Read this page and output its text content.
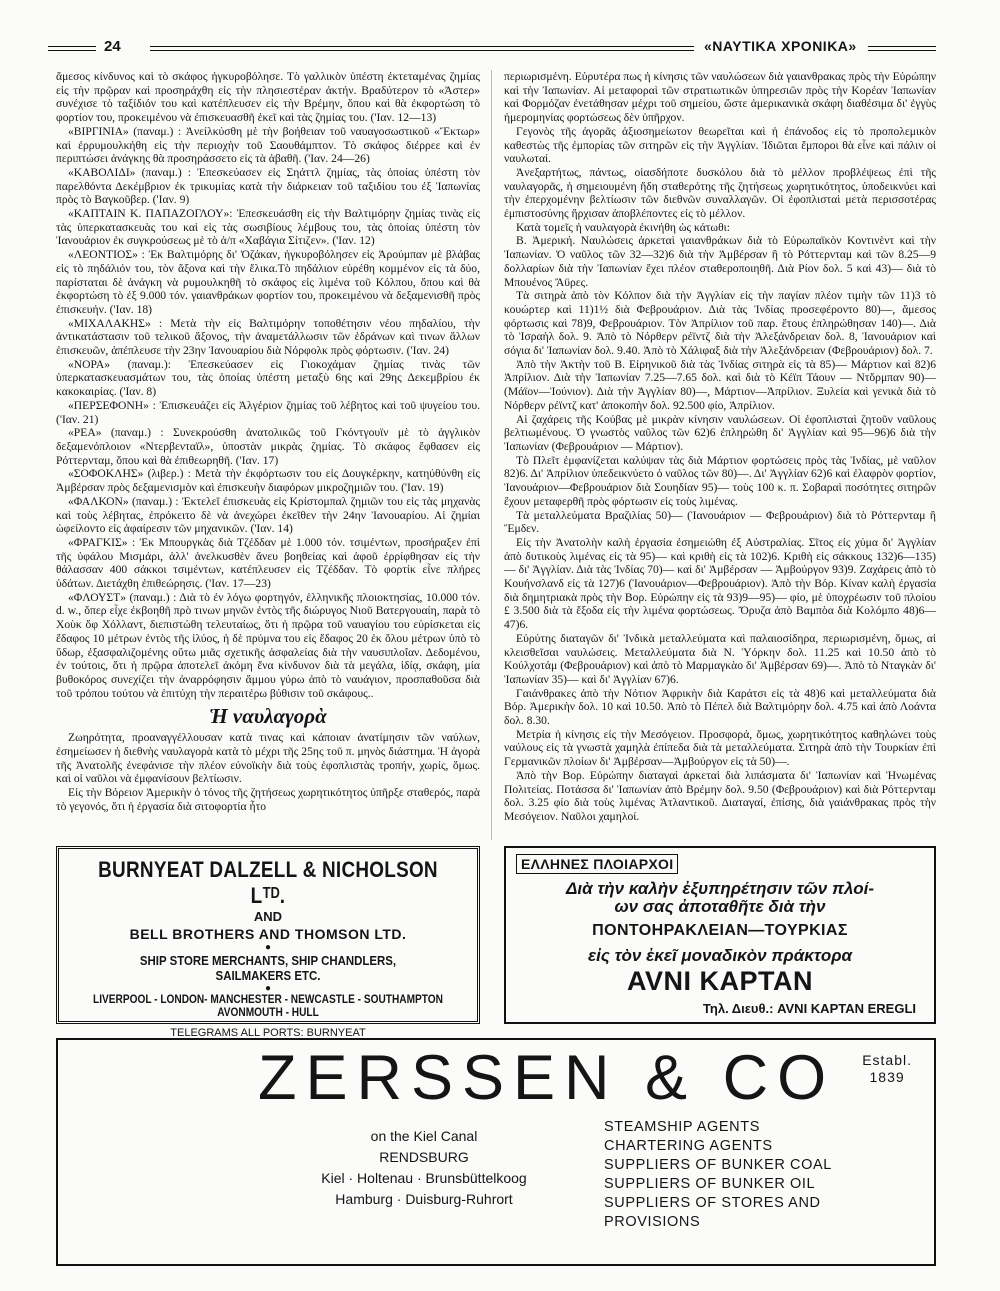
24	«ΝΑΥΤΙΚΑ ΧΡΟΝΙΚΑ»

ἄμεσος κίνδυνος καὶ τὸ σκάφος ἠγκυροβόλησε. Τὸ γαλλικὸν ὑπέστη ἐκτεταμένας ζημίας εἰς τὴν πρῷραν καὶ προσηράχθη εἰς τὴν πλησιεστέραν ἀκτήν. Βραδύτερον τὸ «Ἀστερ» συνέχισε τὸ ταξίδιόν του καὶ κατέπλευσεν εἰς τὴν Βρέμην, ὅπου καὶ θὰ ἐκφορτώση τὸ φορτίον του, προκειμένου νὰ ἐπισκευασθῆ ἐκεῖ καὶ τὰς ζημίας του. ('Ιαν. 12—13)

«ΒΙΡΓΙΝΙΑ» (παναμ.) : Ἀνείλκύσθη μὲ τὴν βοήθειαν τοῦ ναυαγοσωστικοῦ «Ἔκτωρ» καὶ ἐρρυμουλκήθη εἰς τὴν περιοχὴν τοῦ Σαουθάμπτον. Τὸ σκάφος διέρρεε καὶ ἐν περιπτώσει ἀνάγκης θὰ προσηράσσετο εἰς τὰ ἀβαθῆ. ('Ιαν. 24—26)

«ΚΑΒΟΛΙΔΙ» (παναμ.) : Ἐπεσκεύασεν εἰς Σηάττλ ζημίας, τὰς ὁποίας ὑπέστη τὸν παρελθόντα Δεκέμβριον ἐκ τρικυμίας κατὰ τὴν διάρκειαν τοῦ ταξιδίου του ἐξ Ἰαπωνίας πρὸς τὸ Βαγκοῦβερ. ('Ιαν. 9)

«ΚΑΠΤΑΙΝ Κ. ΠΑΠΑΖΟΓΛΟΥ»: Ἐπεσκευάσθη εἰς τὴν Βαλτιμόρην ζημίας τινὰς εἰς τὰς ὑπερκατασκευὰς του καὶ εἰς τὰς σωσιβίους λέμβους του, τὰς ὁποίας ὑπέστη τὸν Ἰανουάριον ἐκ συγκρούσεως μὲ τὸ ἀ/π «Χαβάγια Σίτιζεν». ('Ιαν. 12)

«ΛΕΟΝΤΙΟΣ» : Ἐκ Βαλτιμόρης δι' Ὀζάκαν, ἠγκυροβόλησεν εἰς Ἀρούμπαν μὲ βλάβας εἰς τὸ πηδάλιόν του, τὸν ἄξονα καὶ τὴν ἕλικα.Τὸ πηδάλιον εὑρέθη κομμένον εἰς τὰ δύο, παρίσταται δὲ ἀνάγκη νὰ ρυμουλκηθῆ τὸ σκάφος εἰς λιμένα τοῦ Κόλπου, ὅπου καὶ θὰ ἐκφορτώση τὸ ἐξ 9.000 τόν. γαιανθράκων φορτίον του, προκειμένου νὰ δεξαμενισθῆ πρὸς ἐπισκευήν. ('Ιαν. 18)

«ΜΙΧΑΛΑΚΗΣ» : Μετὰ τὴν εἰς Βαλτιμόρην τοποθέτησιν νέου πηδαλίου, τὴν ἀντικατάστασιν τοῦ τελικοῦ ἄξονος, τὴν ἀναμετάλλωσιν τῶν ἑδράνων καὶ τινων ἄλλων ἐπισκευῶν, ἀπέπλευσε τὴν 23ην Ἰανουαρίου διὰ Νόρφολκ πρὸς φόρτωσιν. ('Ιαν. 24)

«ΝΟΡΑ» (παναμ.): Ἐπεσκεύασεν εἰς Γιοκοχάμαν ζημίας τινὰς τῶν ὑπερκατασκευασμάτων του, τὰς ὁποίας ὑπέστη μεταξὺ 6ης καὶ 29ης Δεκεμβρίου ἐκ κακοκαιρίας. ('Ιαν. 8)

«ΠΕΡΣΕΦΟΝΗ» : Ἐπισκευάζει εἰς Ἀλγέριον ζημίας τοῦ λέβητος καὶ τοῦ ψυγείου του. ('Ιαν. 21)

«ΡΕΑ» (παναμ.) : Συνεκρούσθη ἀνατολικῶς τοῦ Γκόντγουϊν μὲ τὸ ἀγγλικὸν δεξαμενόπλοιον «Ντερβενταϊλ», ὑποστὰν μικρὰς ζημίας. Τὸ σκάφος ἔφθασεν εἰς Ρόττερνταμ, ὅπου καὶ θὰ ἐπιθεωρηθῆ. ('Ιαν. 17)

«ΣΟΦΟΚΛΗΣ» (λιβερ.) : Μετὰ τὴν ἐκφόρτωσιν του εἰς Δουγκέρκην, κατηύθύνθη εἰς Ἀμβέρσαν πρὸς δεξαμενισμὸν καὶ ἐπισκευὴν διαφόρων μικροζημιῶν του. ('Ιαν. 19)

«ΦΑΛΚΟΝ» (παναμ.) : Ἐκτελεῖ ἐπισκευὰς εἰς Κρίστομπαλ ζημιῶν του εἰς τὰς μηχανὰς καὶ τοὺς λέβητας, ἐπρόκειτο δὲ νὰ ἀνεχώρει ἐκεῖθεν τὴν 24ην Ἰανουαρίου. Αἱ ζημίαι ὠφείλοντο εἰς ἀφαίρεσιν τῶν μηχανικῶν. ('Ιαν. 14)

«ΦΡΑΓΚΙΣ» : Ἐκ Μπουργκὰς διὰ Τζέδδαν μὲ 1.000 τόν. τσιμέντων, προσήραξεν ἐπὶ τῆς ὑφάλου Μισμάρι, ἀλλ' ἀνελκυσθὲν ἄνευ βοηθείας καὶ ἀφοῦ ἐρρίφθησαν εἰς τὴν θάλασσαν 400 σάκκοι τσιμέντων, κατέπλευσεν εἰς Τζέδδαν. Τὸ φορτίκ εἶνε πλήρες ὑδάτων. Διετάχθη ἐπιθεώρησις. ('Ιαν. 17—23)

«ΦΛΟΥΣΤ» (παναμ.) : Διὰ τὸ ἐν λόγω φορτηγόν, ἑλληνικῆς πλοιοκτησίας, 10.000 τόν. d. w., ὅπερ εἶχε ἐκβοηθῆ πρὸ τινων μηνῶν ἐντὸς τῆς διώρυγος Νιοῦ Βατεργουαίη, παρὰ τὸ Χοὺκ ὄφ Χόλλαντ, διεπιστώθη τελευταίως, ὅτι ἡ πρῷρα τοῦ ναυαγίου του εὑρίσκεται εἰς ἔδαφος 10 μέτρων ἐντὸς τῆς ἰλύος, ἡ δὲ πρύμνα του εἰς ἔδαφος 20 ἐκ ὄλου μέτρων ὑπὸ τὸ ὕδωρ, ἐξασφαλιζομένης οὕτω μιᾶς σχετικῆς ἀσφαλείας διὰ τὴν ναυσιπλοΐαν. Δεδομένου, ἐν τούτοις, ὅτι ἡ πρῷρα ἀποτελεῖ ἀκόμη ἕνα κίνδυνον διὰ τὰ μεγάλα, ἰδίᾳ, σκάφη, μία βυθοκόρος συνεχίζει τὴν ἀναρρόφησιν ἄμμου γύρω ἀπὸ τὸ ναυάγιον, προσπαθοῦσα διὰ τοῦ τρόπου τούτου νὰ ἐπιτύχη τὴν περαιτέρω βύθισιν τοῦ σκάφους..

Ἡ ναυλαγορὰ

Ζωηρότητα, προαναγγέλλουσαν κατὰ τινας καὶ κάποιαν ἀνατίμησιν τῶν ναύλων, ἐσημείωσεν ἡ διεθνὴς ναυλαγορὰ κατὰ τὸ μέχρι τῆς 25ης τοῦ π. μηνὸς διάστημα. Ἡ ἀγορὰ τῆς Ἀνατολῆς ἐνεφάνισε τὴν πλέον εὐνοϊκὴν διὰ τοὺς ἐφοπλιστὰς τροπήν, χωρίς, ὅμως. καὶ οἱ ναῦλοι νὰ ἐμφανίσουν βελτίωσιν.

Εἰς τὴν Βόρειον Ἀμερικὴν ὁ τόνος τῆς ζητήσεως χωρητικότητος ὑπῆρξε σταθερός, παρὰ τὸ γεγονός, ὅτι ἡ ἐργασία διὰ σιτοφορτία ἦτο

περιωρισμένη. Εὐρυτέρα πως ἡ κίνησις τῶν ναυλώσεων διὰ γαιανθρακας πρὸς τὴν Εὐρώπην καὶ τὴν Ἰαπωνίαν. Αἱ μεταφοραὶ τῶν στρατιωτικῶν ὑπηρεσιῶν πρὸς τὴν Κορέαν Ἰαπωνίαν καὶ Φορμόζαν ἐνετάθησαν μέχρι τοῦ σημείου, ὥστε ἀμερικανικὰ σκάφη διαθέσιμα δι' ἐγγὺς ἡμερομηνίας φορτώσεως δὲν ὑπῆρχον.

Γεγονὸς τῆς ἀγορᾶς ἀξιοσημείωτον θεωρεῖται καὶ ἡ ἐπάνοδος εἰς τὸ προπολεμικὸν καθεστὼς τῆς ἐμπορίας τῶν σιτηρῶν εἰς τὴν Ἀγγλίαν. Ἰδιῶται ἔμποροι θὰ εἶνε καὶ πάλιν οἱ ναυλωταί.

Ἀνεξαρτήτως, πάντως, οἱασδήποτε δυσκόλου διὰ τὸ μέλλον προβλέψεως ἐπὶ τῆς ναυλαγορᾶς, ἡ σημειουμένη ἤδη σταθερότης τῆς ζητήσεως χωρητικότητος, ὑποδεικνύει καὶ τὴν ἐπερχομένην βελτίωσιν τῶν διεθνῶν συναλλαγῶν. Οἱ ἐφοπλισταὶ μετὰ περισσοτέρας ἐμπιστοσύνης ἤρχισαν ἀποβλέποντες εἰς τὸ μέλλον.

Κατὰ τομεῖς ἡ ναυλαγορὰ ἐκινήθη ὡς κάτωθι:

Β. Ἀμερική. Ναυλώσεις ἀρκεταὶ γαιανθράκων διὰ τὸ Εὐρωπαϊκὸν Κοντινὲντ καὶ τὴν Ἰαπωνίαν. Ὁ ναῦλος τῶν 32—32)6 διὰ τὴν Ἀμβέρσαν ἢ τὸ Ρόττερνταμ καὶ τῶν 8.25—9 δολλαρίων διὰ τὴν Ἰαπωνίαν ἔχει πλέον σταθεροποιηθῆ. Διὰ Ρίον δολ. 5 καὶ 43)— διὰ τὸ Μπουένος Ἄϋρες.

Τὰ σιτηρὰ ἀπὸ τὸν Κόλπον διὰ τὴν Ἀγγλίαν εἰς τὴν παγίαν πλέον τιμὴν τῶν 11)3 τὸ κουώρτερ καὶ 11)1½ διὰ Φεβρουάριον. Διὰ τὰς Ἰνδίας προσεφέροντο 80)—, ἄμεσος φόρτωσις καὶ 78)9, Φεβρουάριον. Τὸν Ἀπρίλιον τοῦ παρ. ἔτους ἐπληρώθησαν 140)—. Διὰ τὸ Ἰσραὴλ δολ. 9. Ἀπὸ τὸ Νόρθερν ρέϊντζ διὰ τὴν Ἀλεξάνδρειαν δολ. 8, Ἰανουάριον καὶ σόγια δι' Ἰαπωνίαν δολ. 9.40. Ἀπὸ τὸ Χάλιφαξ διὰ τὴν Ἀλεξάνδρειαν (Φεβρουάριον) δολ. 7.

Ἀπὸ τὴν Ἀκτὴν τοῦ Β. Εἰρηνικοῦ διὰ τὰς Ἰνδίας σιτηρὰ εἰς τὰ 85)— Μάρτιον καὶ 82)6 Ἀπρίλιον. Διὰ τὴν Ἰαπωνίαν 7.25—7.65 δολ. καὶ διὰ τὸ Κέϊπ Τάουν — Ντὄρμπαν 90)— (Μάϊον—Ἰούνιον). Διὰ τὴν Ἀγγλίαν 80)—, Μάρτιον—Ἀπρίλιον. Ξυλεία καὶ γενικὰ διὰ τὸ Νόρθερν ρέϊντζ κατ' ἀποκοπὴν δολ. 92.500 φίο, Ἀπρίλιον.

Αἱ ζαχάρεις τῆς Κούβας μὲ μικρὰν κίνησιν ναυλώσεων. Οἱ ἐφοπλισταὶ ζητοῦν ναῦλους βελτιωμένους. Ὁ γνωστὸς ναῦλος τῶν 62)6 ἐπληρώθη δι' Ἀγγλίαν καὶ 95—96)6 διὰ τὴν Ἰαπωνίαν (Φεβρουάριον — Μάρτιον).

Τὸ Πλεῖτ ἐμφανίζεται καλύψαν τὰς διὰ Μάρτιον φορτώσεις πρὸς τὰς Ἰνδίας, μὲ ναῦλον 82)6. Δι' Ἀπρίλιον ὑπεδεικνύετο ὁ ναῦλος τῶν 80)—. Δι' Ἀγγλίαν 62)6 καὶ ἐλαφρὸν φορτίον, Ἰανουάριον—Φεβρουάριον διὰ Σουηδίαν 95)— τοὺς 100 κ. π. Σοβαραὶ ποσότητες σιτηρῶν ἔχουν μεταφερθῆ πρὸς φόρτωσιν εἰς τοὺς λιμένας.

Τὰ μεταλλεύματα Βραζιλίας 50)— (Ἰανουάριον — Φεβρουάριον) διὰ τὸ Ρόττερνταμ ἢ Ἔμδεν.

Εἰς τὴν Ἀνατολὴν καλὴ ἐργασία ἐσημειώθη ἐξ Αὐστραλίας. Σῖτος εἰς χύμα δι' Ἀγγλίαν ἀπὸ δυτικοὺς λιμένας εἰς τὰ 95)— καὶ κριθὴ εἰς τὰ 102)6. Κριθὴ εἰς σάκκους 132)6—135)— δι' Ἀγγλίαν. Διὰ τὰς Ἰνδίας 70)— καὶ δι' Ἀμβέρσαν — Ἀμβούργον 93)9. Ζαχάρεις ἀπὸ τὸ Κουήνσλανδ εἰς τὰ 127)6 (Ἰανουάριον—Φεβρουάριον). Ἀπὸ τὴν Βόρ. Κίναν καλὴ ἐργασία διὰ δημητριακὰ πρὸς τὴν Βορ. Εὐρώπην εἰς τὰ 93)9—95)— φίο, μὲ ὑποχρέωσιν τοῦ πλοίου £ 3.500 διὰ τὰ ἔξοδα εἰς τὴν λιμένα φορτώσεως. Ὄρυζα ἀπὸ Βαμπὸα διὰ Κολόμπο 48)6—47)6.

Εὐρύτης διαταγῶν δι' Ἰνδικὰ μεταλλεύματα καὶ παλαιοσίδηρα, περιωρισμένη, ὅμως, αἱ κλεισθεῖσαι ναυλώσεις. Μεταλλεύματα διὰ Ν. Ὑόρκην δολ. 11.25 καὶ 10.50 ἀπὸ τὸ Κούλχοτάμ (Φεβρουάριον) καὶ ἀπὸ τὸ Μαρμαγκὰο δι' Ἀμβέρσαν 69)—. Ἀπὸ τὸ Νταγκὰν δι' Ἰαπωνίαν 35)— καὶ δι' Ἀγγλίαν 67)6.

Γαιάνθρακες ἀπὸ τὴν Νότιον Ἀφρικὴν διὰ Καράτσι εἰς τὰ 48)6 καὶ μεταλλεύματα διὰ Βόρ. Ἀμερικὴν δολ. 10 καὶ 10.50. Ἀπὸ τὸ Πέπελ διὰ Βαλτιμόρην δολ. 4.75 καὶ ἀπὸ Λοάντα δολ. 8.30.

Μετρία ἡ κίνησις εἰς τὴν Μεσόγειον. Προσφορά, ὅμως, χωρητικότητος καθηλώνει τοὺς ναύλους εἰς τὰ γνωστὰ χαμηλὰ ἐπίπεδα διὰ τὰ μεταλλεύματα. Σιτηρὰ ἀπὸ τὴν Τουρκίαν ἐπὶ Γερμανικῶν πλοίων δι' Ἀμβέρσαν—Ἀμβούργον εἰς τὰ 50)—.

Ἀπὸ τὴν Βορ. Εὐρώπην διαταγαὶ ἀρκεταὶ διὰ λιπάσματα δι' Ἰαπωνίαν καὶ Ἡνωμένας Πολιτείας. Ποτάσσα δι' Ἰαπωνίαν ἀπὸ Βρέμην δολ. 9.50 (Φεβρουάριον) καὶ διὰ Ρόττερνταμ δολ. 3.25 φίο διὰ τοὺς λιμένας Ἀτλαντικοῦ. Διαταγαί, ἐπίσης, διὰ γαιάνθρακας πρὸς τὴν Μεσόγειον. Ναῦλοι χαμηλοί.

BURNYEAT DALZELL & NICHOLSON Lᵀᴰ.
AND
BELL BROTHERS AND THOMSON LTD.
●
SHIP STORE MERCHANTS, SHIP CHANDLERS,
SAILMAKERS ETC.
●
LIVERPOOL - LONDON- MANCHESTER - NEWCASTLE - SOUTHAMPTON
AVONMOUTH - HULL
TELEGRAMS ALL PORTS: BURNYEAT
ΕΛΛΗΝΕΣ ΠΛΟΙΑΡΧΟΙ
Διὰ τὴν καλὴν ἐξυπηρέτησιν τῶν πλοί-
ων σας ἀποταθῆτε διὰ τὴν
ΠΟΝΤΟΗΡΑΚΛΕΙΑΝ—ΤΟΥΡΚΙΑΣ
εἰς τὸν ἐκεῖ μοναδικὸν πράκτορα
AVNI KAPTAN
Τηλ. Διευθ.: AVNI KAPTAN EREGLI
ZERSSEN & CO Establ.
1839
on the Kiel Canal
RENDSBURG
Kiel · Holtenau · Brunsbüttelkoog
Hamburg · Duisburg-Ruhrort
STEAMSHIP AGENTS
CHARTERING AGENTS
SUPPLIERS OF BUNKER COAL
SUPPLIERS OF BUNKER OIL
SUPPLIERS OF STORES AND
PROVISIONS
